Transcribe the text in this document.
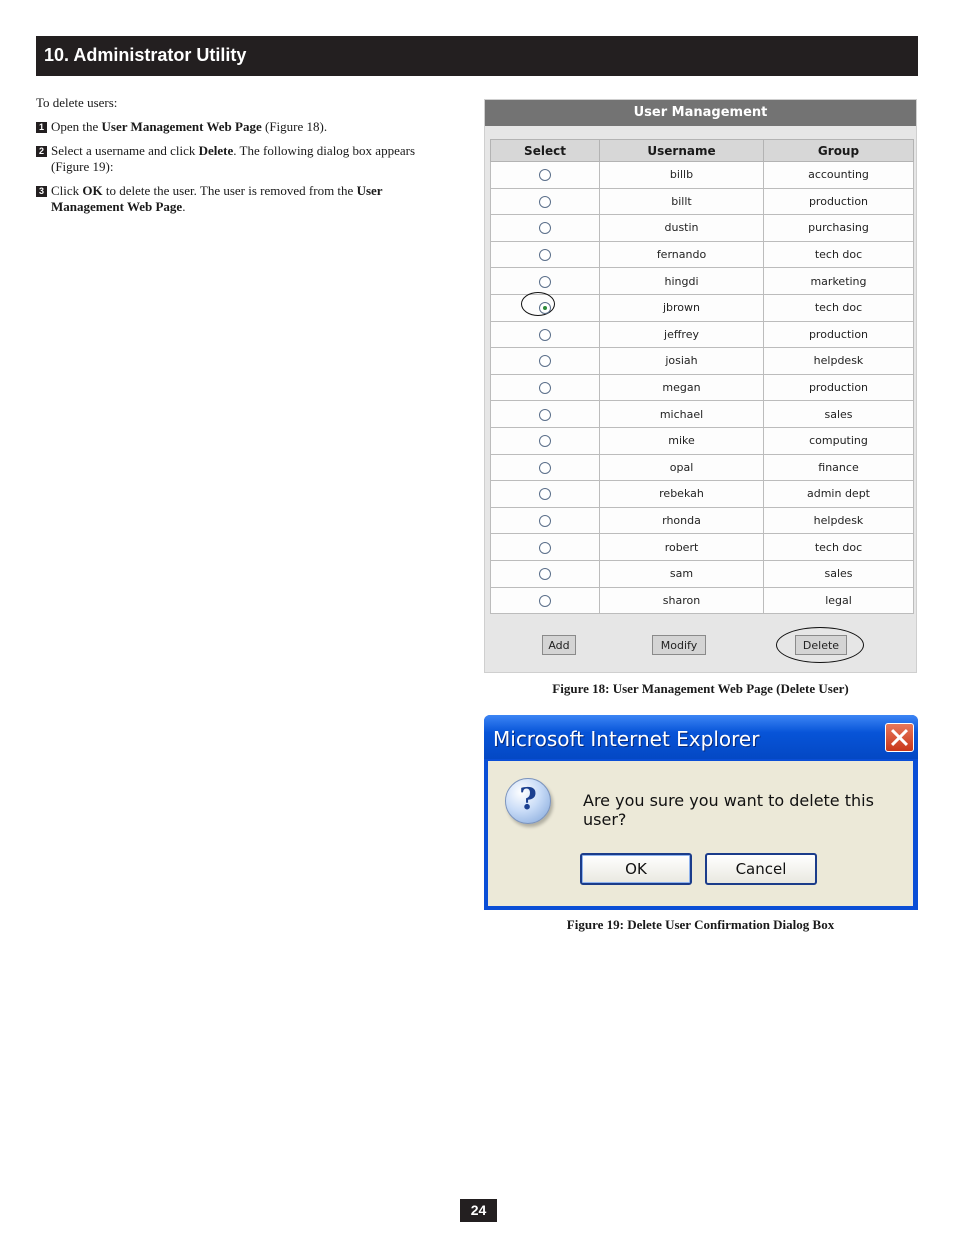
10. Administrator Utility

To delete users:

1 Open the User Management Web Page (Figure 18).
2 Select a username and click Delete. The following dialog box appears (Figure 19):
3 Click OK to delete the user. The user is removed from the User Management Web Page.
User Management
Select	Username	Group
	billb	accounting
	billt	production
	dustin	purchasing
	fernando	tech doc
	hingdi	marketing
	jbrown	tech doc
	jeffrey	production
	josiah	helpdesk
	megan	production
	michael	sales
	mike	computing
	opal	finance
	rebekah	admin dept
	rhonda	helpdesk
	robert	tech doc
	sam	sales
	sharon	legal
Add	Modify	Delete
Figure 18: User Management Web Page (Delete User)
Microsoft Internet Explorer
?	Are you sure you want to delete this user?
OK	Cancel
Figure 19: Delete User Confirmation Dialog Box
24
